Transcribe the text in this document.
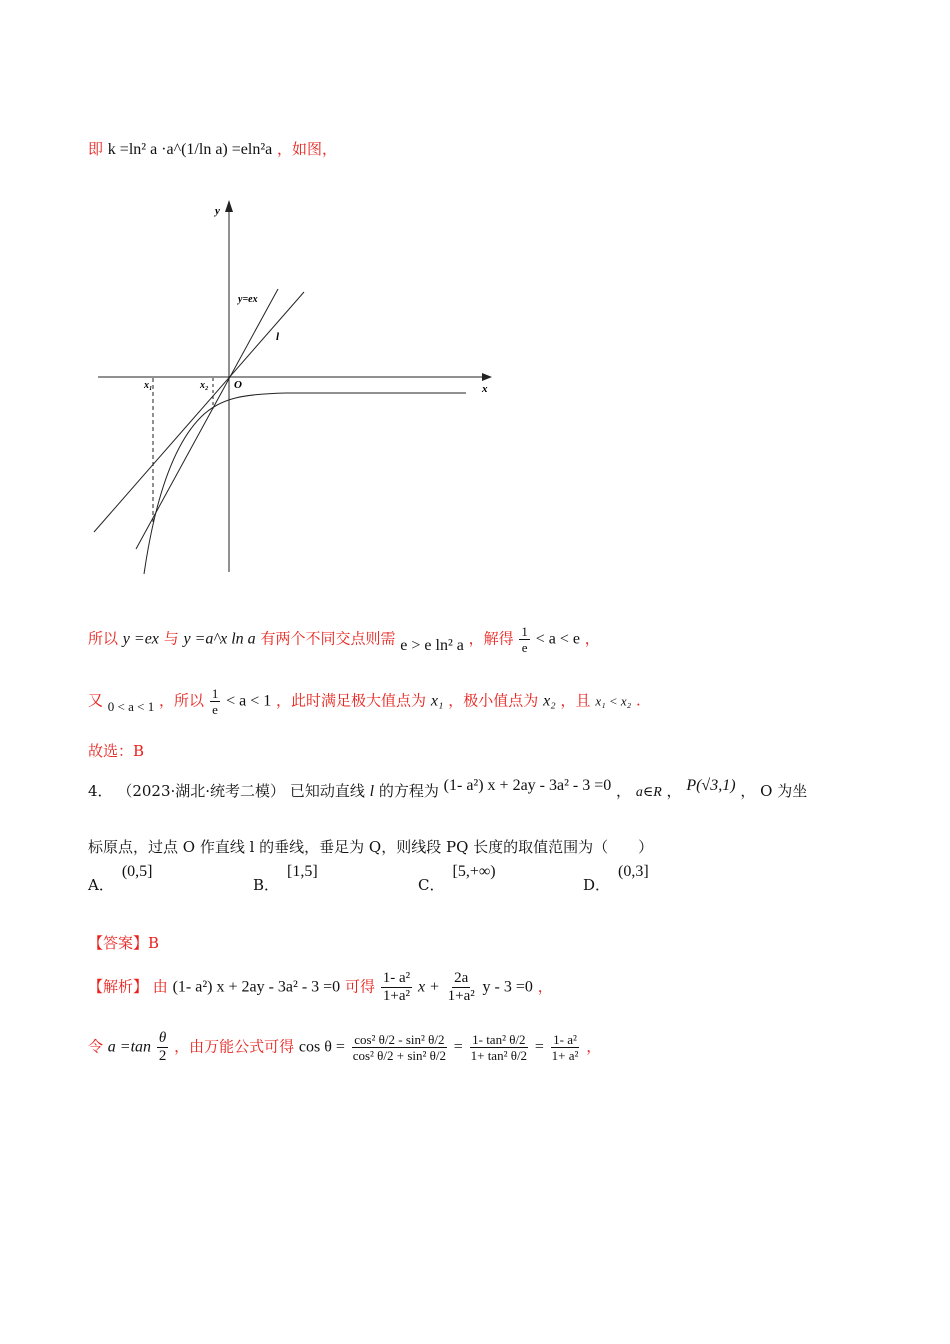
即 k =ln² a ·a^(1/ln a) =eln²a ，如图，
y
x
O
y=ex
l
x₁	x₂
所以 y =ex 与 y =a^x ln a 有两个不同交点则需 e > e ln² a ，解得 $\frac{1}{e} < a < e$ ，
又 0 < a < 1 ，所以 $\frac{1}{e} < a < 1$ ，此时满足极大值点为 x₁ ，极小值点为 x₂ ，且 x₁ < x₂ .
故选：B
4． （2023·湖北·统考二模） 已知动直线 l 的方程为 (1- a²) x + 2ay - 3a² - 3 =0 ， a∈R ， P(√3,1) ， O 为坐
标原点，过点 O 作直线 l 的垂线，垂足为 Q，则线段 PQ 长度的取值范围为（　　）
A．(0,5]
B．[1,5]
C．[5,+∞)
D．(0,3]
【答案】B
【解析】 由 (1- a²) x + 2ay - 3a² - 3 =0 可得 $\frac{\text{1- a²}}{\text{1+a²}}$ $x + \frac{2a}{\text{1+a²}}$ y - 3 =0 ，
令 $a =\tan \frac{\theta}{2}$ ，由万能公式可得 $\cos \theta = \frac{\text{cos² θ/2 - sin² θ/2}}{\text{cos² θ/2 + sin² θ/2}} = \frac{\text{1- tan² θ/2}}{\text{1+ tan² θ/2}} = \frac{\text{1- a²}}{\text{1+ a²}}$ ，
